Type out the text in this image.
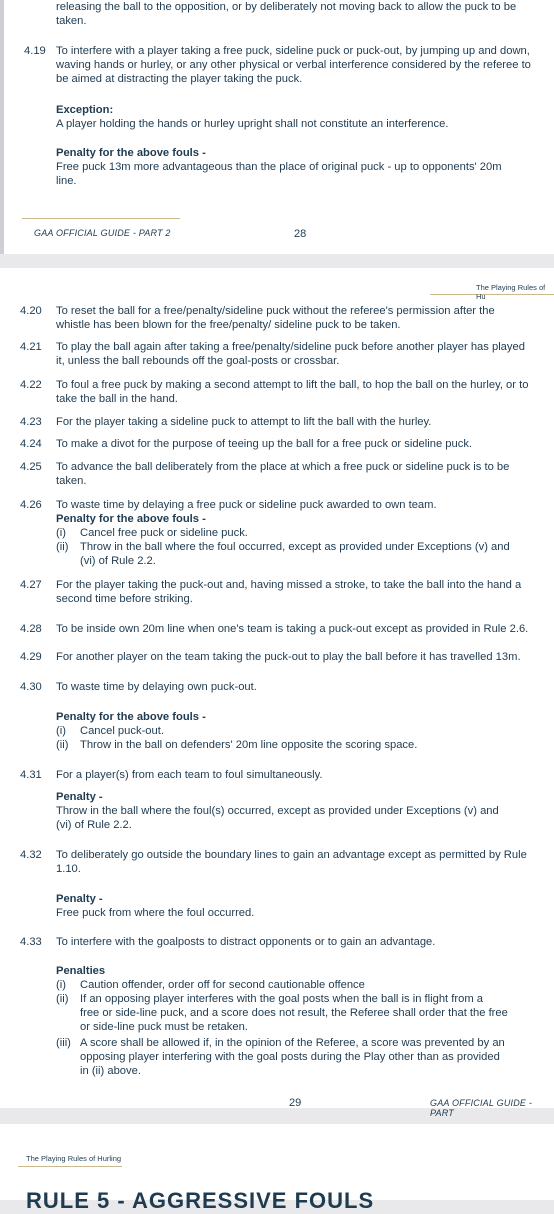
releasing the ball to the opposition, or by deliberately not moving back to allow the puck to be
taken.
4.19 To interfere with a player taking a free puck, sideline puck or puck-out, by jumping up and down,
waving hands or hurley, or any other physical or verbal interference considered by the referee to
be aimed at distracting the player taking the puck.
Exception:
A player holding the hands or hurley upright shall not constitute an interference.
Penalty for the above fouls -
Free puck 13m more advantageous than the place of original puck - up to opponents' 20m
line.
GAA OFFICIAL GUIDE - PART 2	28
The Playing Rules of Hu
4.20 To reset the ball for a free/penalty/sideline puck without the referee's permission after the
whistle has been blown for the free/penalty/ sideline puck to be taken.
4.21 To play the ball again after taking a free/penalty/sideline puck before another player has played
it, unless the ball rebounds off the goal-posts or crossbar.
4.22 To foul a free puck by making a second attempt to lift the ball, to hop the ball on the hurley, or to
take the ball in the hand.
4.23 For the player taking a sideline puck to attempt to lift the ball with the hurley.
4.24 To make a divot for the purpose of teeing up the ball for a free puck or sideline puck.
4.25 To advance the ball deliberately from the place at which a free puck or sideline puck is to be
taken.
4.26 To waste time by delaying a free puck or sideline puck awarded to own team.
Penalty for the above fouls -
(i) Cancel free puck or sideline puck.
(ii) Throw in the ball where the foul occurred, except as provided under Exceptions (v) and
(vi) of Rule 2.2.
4.27 For the player taking the puck-out and, having missed a stroke, to take the ball into the hand a
second time before striking.
4.28 To be inside own 20m line when one's team is taking a puck-out except as provided in Rule 2.6.
4.29 For another player on the team taking the puck-out to play the ball before it has travelled 13m.
4.30 To waste time by delaying own puck-out.
Penalty for the above fouls -
(i) Cancel puck-out.
(ii) Throw in the ball on defenders' 20m line opposite the scoring space.
4.31 For a player(s) from each team to foul simultaneously.
Penalty -
Throw in the ball where the foul(s) occurred, except as provided under Exceptions (v) and
(vi) of Rule 2.2.
4.32 To deliberately go outside the boundary lines to gain an advantage except as permitted by Rule
1.10.
Penalty -
Free puck from where the foul occurred.
4.33 To interfere with the goalposts to distract opponents or to gain an advantage.
Penalties
(i) Caution offender, order off for second cautionable offence
(ii) If an opposing player interferes with the goal posts when the ball is in flight from a
free or side-line puck, and a score does not result, the Referee shall order that the free
or side-line puck must be retaken.
(iii) A score shall be allowed if, in the opinion of the Referee, a score was prevented by an
opposing player interfering with the goal posts during the Play other than as provided
in (ii) above.
29	GAA OFFICIAL GUIDE - PART
The Playing Rules of Hurling
RULE 5 - AGGRESSIVE FOULS
